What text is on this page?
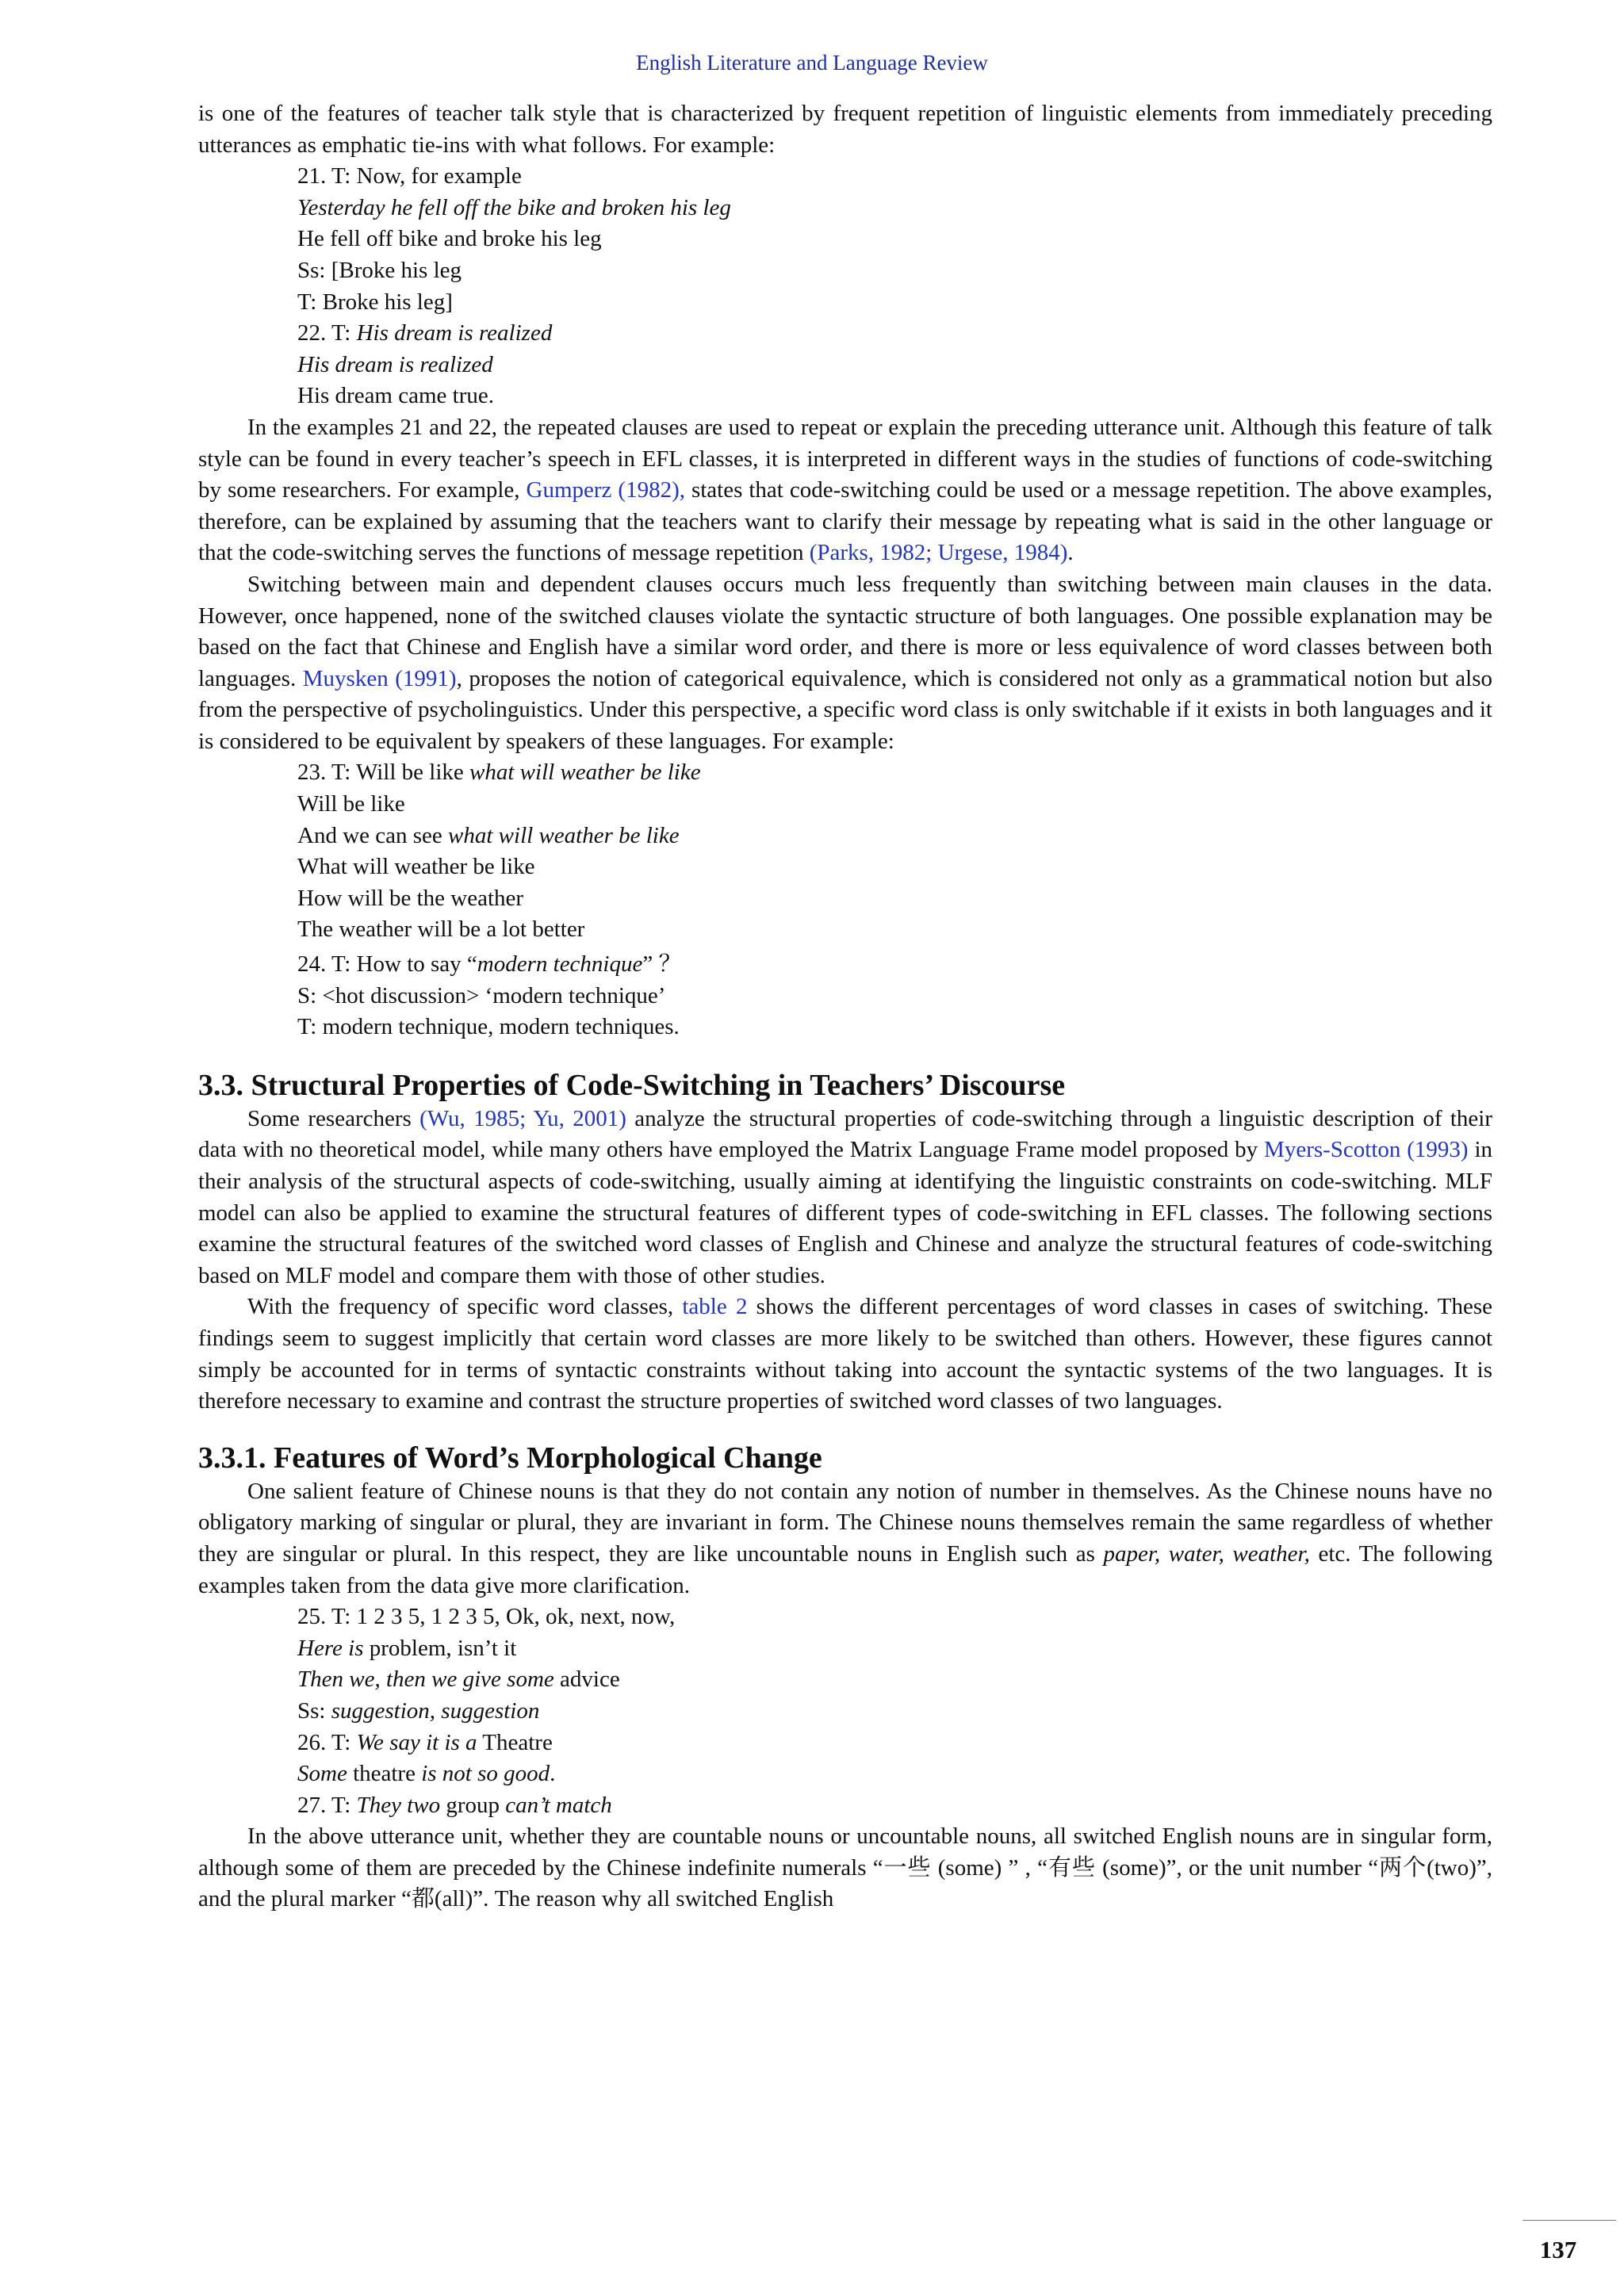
English Literature and Language Review

is one of the features of teacher talk style that is characterized by frequent repetition of linguistic elements from immediately preceding utterances as emphatic tie-ins with what follows. For example:

21. T: Now, for example

Yesterday he fell off the bike and broken his leg

He fell off bike and broke his leg

Ss: [Broke his leg

T: Broke his leg]

22. T: His dream is realized

His dream is realized

His dream came true.

In the examples 21 and 22, the repeated clauses are used to repeat or explain the preceding utterance unit. Although this feature of talk style can be found in every teacher’s speech in EFL classes, it is interpreted in different ways in the studies of functions of code-switching by some researchers. For example, Gumperz (1982), states that code-switching could be used or a message repetition. The above examples, therefore, can be explained by assuming that the teachers want to clarify their message by repeating what is said in the other language or that the code-switching serves the functions of message repetition (Parks, 1982; Urgese, 1984).

Switching between main and dependent clauses occurs much less frequently than switching between main clauses in the data. However, once happened, none of the switched clauses violate the syntactic structure of both languages. One possible explanation may be based on the fact that Chinese and English have a similar word order, and there is more or less equivalence of word classes between both languages. Muysken (1991), proposes the notion of categorical equivalence, which is considered not only as a grammatical notion but also from the perspective of psycholinguistics. Under this perspective, a specific word class is only switchable if it exists in both languages and it is considered to be equivalent by speakers of these languages. For example:

23. T: Will be like what will weather be like

Will be like

And we can see what will weather be like

What will weather be like

How will be the weather

The weather will be a lot better

24. T: How to say “modern technique” ？

S: <hot discussion> ‘modern technique’

T: modern technique, modern techniques.

3.3. Structural Properties of Code-Switching in Teachers’ Discourse

Some researchers (Wu, 1985; Yu, 2001) analyze the structural properties of code-switching through a linguistic description of their data with no theoretical model, while many others have employed the Matrix Language Frame model proposed by Myers-Scotton (1993) in their analysis of the structural aspects of code-switching, usually aiming at identifying the linguistic constraints on code-switching. MLF model can also be applied to examine the structural features of different types of code-switching in EFL classes. The following sections examine the structural features of the switched word classes of English and Chinese and analyze the structural features of code-switching based on MLF model and compare them with those of other studies.

With the frequency of specific word classes, table 2 shows the different percentages of word classes in cases of switching. These findings seem to suggest implicitly that certain word classes are more likely to be switched than others. However, these figures cannot simply be accounted for in terms of syntactic constraints without taking into account the syntactic systems of the two languages. It is therefore necessary to examine and contrast the structure properties of switched word classes of two languages.

3.3.1. Features of Word’s Morphological Change

One salient feature of Chinese nouns is that they do not contain any notion of number in themselves. As the Chinese nouns have no obligatory marking of singular or plural, they are invariant in form. The Chinese nouns themselves remain the same regardless of whether they are singular or plural. In this respect, they are like uncountable nouns in English such as paper, water, weather, etc. The following examples taken from the data give more clarification.

25. T: 1 2 3 5, 1 2 3 5, Ok, ok, next, now,

Here is problem, isn’t it

Then we, then we give some advice

Ss: suggestion, suggestion

26. T: We say it is a Theatre

Some theatre is not so good.

27. T: They two group can’t match

In the above utterance unit, whether they are countable nouns or uncountable nouns, all switched English nouns are in singular form, although some of them are preceded by the Chinese indefinite numerals “一些 (some) ” , “有些 (some)”, or the unit number “两个(two)”, and the plural marker “都(all)”. The reason why all switched English

137
